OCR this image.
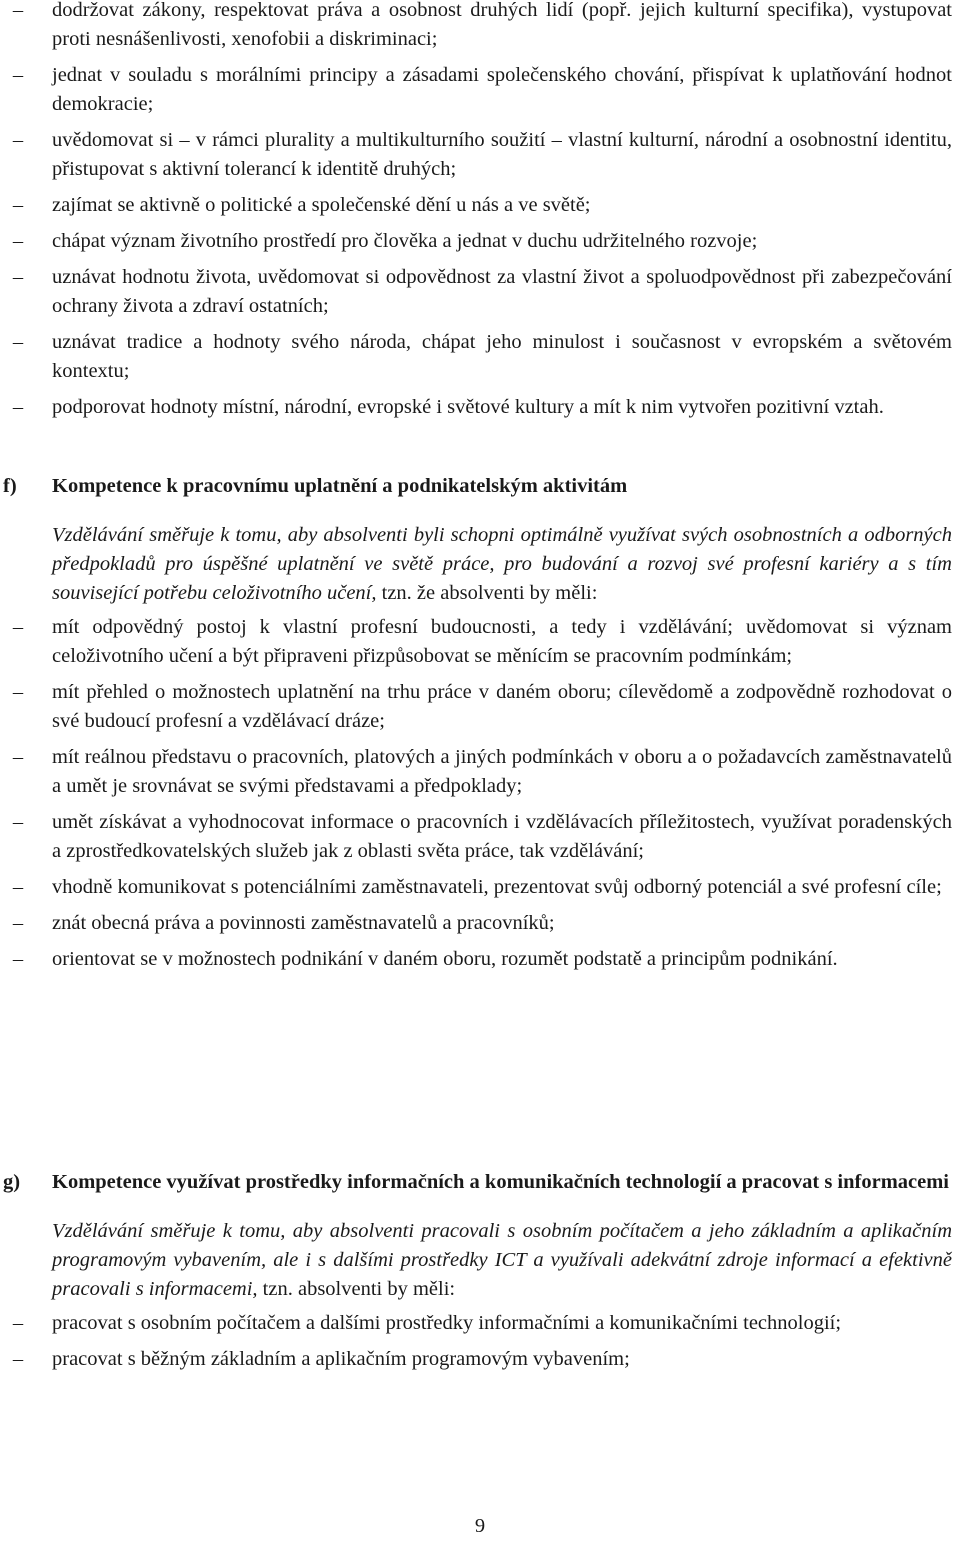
–	dodržovat zákony, respektovat práva a osobnost druhých lidí (popř. jejich kulturní specifika), vystupovat proti nesnášenlivosti, xenofobii a diskriminaci;
–	jednat v souladu s morálními principy a zásadami společenského chování, přispívat k uplatňování hodnot demokracie;
–	uvědomovat si – v rámci plurality a multikulturního soužití – vlastní kulturní, národní a osobnostní identitu, přistupovat s aktivní tolerancí k identitě druhých;
–	zajímat se aktivně o politické a společenské dění u nás a ve světě;
–	chápat význam životního prostředí pro člověka a jednat v duchu udržitelného rozvoje;
–	uznávat hodnotu života, uvědomovat si odpovědnost za vlastní život a spoluodpovědnost při zabezpečování ochrany života a zdraví ostatních;
–	uznávat tradice a hodnoty svého národa, chápat jeho minulost i současnost v evropském a světovém kontextu;
–	podporovat hodnoty místní, národní, evropské i světové kultury a mít k nim vytvořen pozitivní vztah.
f) Kompetence k pracovnímu uplatnění a podnikatelským aktivitám

Vzdělávání směřuje k tomu, aby absolventi byli schopni optimálně využívat svých osobnostních a odborných předpokladů pro úspěšné uplatnění ve světě práce, pro budování a rozvoj své profesní kariéry a s tím související potřebu celoživotního učení, tzn. že absolventi by měli:

–	mít odpovědný postoj k vlastní profesní budoucnosti, a tedy i vzdělávání; uvědomovat si význam celoživotního učení a být připraveni přizpůsobovat se měnícím se pracovním podmínkám;
–	mít přehled o možnostech uplatnění na trhu práce v daném oboru; cílevědomě a zodpovědně rozhodovat o své budoucí profesní a vzdělávací dráze;
–	mít reálnou představu o pracovních, platových a jiných podmínkách v oboru a o požadavcích zaměstnavatelů a umět je srovnávat se svými představami a předpoklady;
–	umět získávat a vyhodnocovat informace o pracovních i vzdělávacích příležitostech, využívat poradenských a zprostředkovatelských služeb jak z oblasti světa práce, tak vzdělávání;
–	vhodně komunikovat s potenciálními zaměstnavateli, prezentovat svůj odborný potenciál a své profesní cíle;
–	znát obecná práva a povinnosti zaměstnavatelů a pracovníků;
–	orientovat se v možnostech podnikání v daném oboru, rozumět podstatě a principům podnikání.
g) Kompetence využívat prostředky informačních a komunikačních technologií a pracovat s informacemi

Vzdělávání směřuje k tomu, aby absolventi pracovali s osobním počítačem a jeho základním a aplikačním programovým vybavením, ale i s dalšími prostředky ICT a využívali adekvátní zdroje informací a efektivně pracovali s informacemi, tzn. absolventi by měli:

–	pracovat s osobním počítačem a dalšími prostředky informačními a komunikačními technologií;
–	pracovat s běžným základním a aplikačním programovým vybavením;
9
